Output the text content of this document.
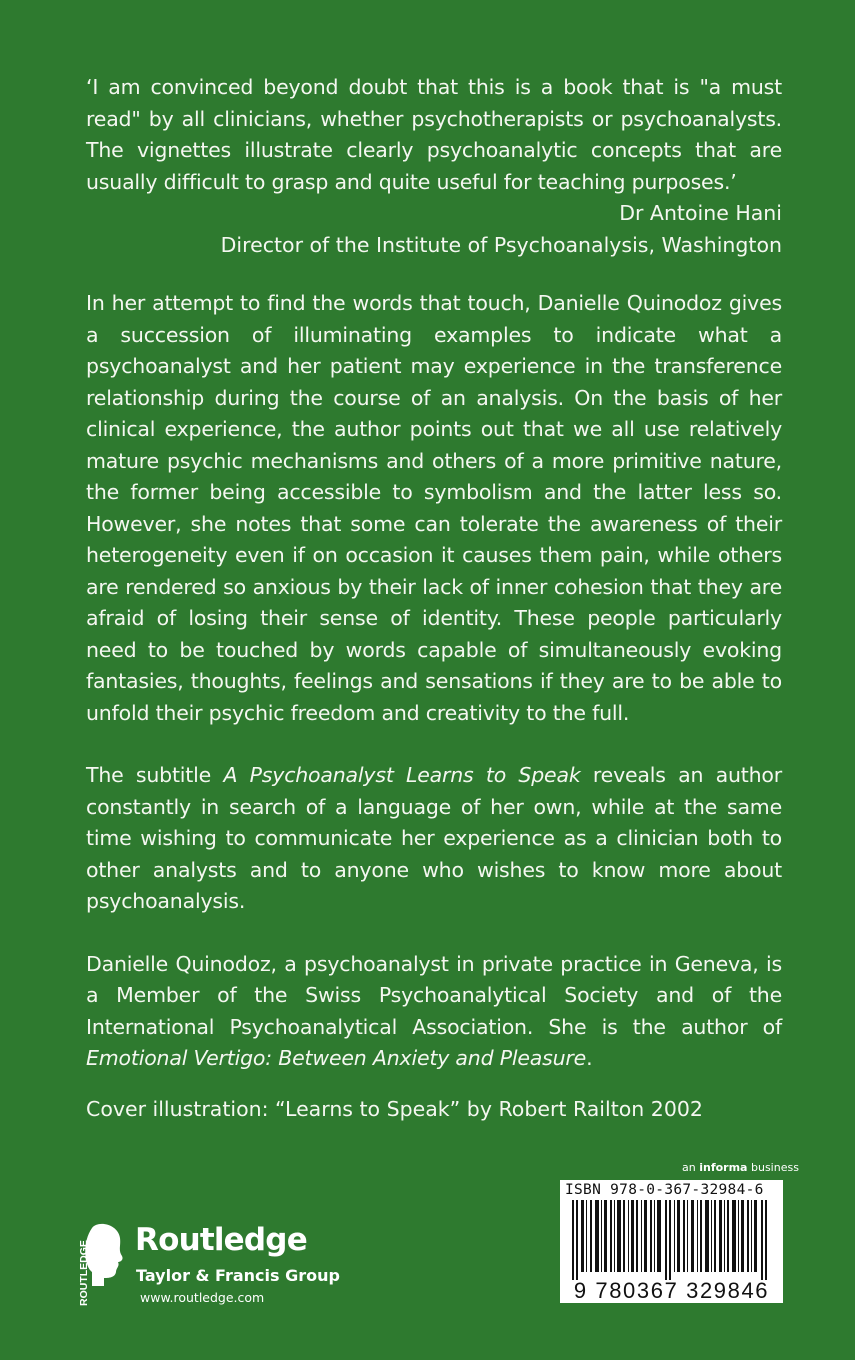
‘I am convinced beyond doubt that this is a book that is "a must read" by all clinicians, whether psychotherapists or psychoanalysts. The vignettes illustrate clearly psychoanalytic concepts that are usually difficult to grasp and quite useful for teaching purposes.’
Dr Antoine Hani
Director of the Institute of Psychoanalysis, Washington

In her attempt to find the words that touch, Danielle Quinodoz gives a succession of illuminating examples to indicate what a psychoanalyst and her patient may experience in the transference relationship during the course of an analysis. On the basis of her clinical experience, the author points out that we all use relatively mature psychic mechanisms and others of a more primitive nature, the former being accessible to symbolism and the latter less so. However, she notes that some can tolerate the awareness of their heterogeneity even if on occasion it causes them pain, while others are rendered so anxious by their lack of inner cohesion that they are afraid of losing their sense of identity. These people particularly need to be touched by words capable of simultaneously evoking fantasies, thoughts, feelings and sensations if they are to be able to unfold their psychic freedom and creativity to the full.

The subtitle A Psychoanalyst Learns to Speak reveals an author constantly in search of a language of her own, while at the same time wishing to communicate her experience as a clinician both to other analysts and to anyone who wishes to know more about psychoanalysis.

Danielle Quinodoz, a psychoanalyst in private practice in Geneva, is a Member of the Swiss Psychoanalytical Society and of the International Psychoanalytical Association. She is the author of Emotional Vertigo: Between Anxiety and Pleasure.

Cover illustration: “Learns to Speak” by Robert Railton 2002
ROUTLEDGE
Routledge
Taylor & Francis Group
www.routledge.com
an informa business
ISBN 978-0-367-32984-6
9 780367 329846
